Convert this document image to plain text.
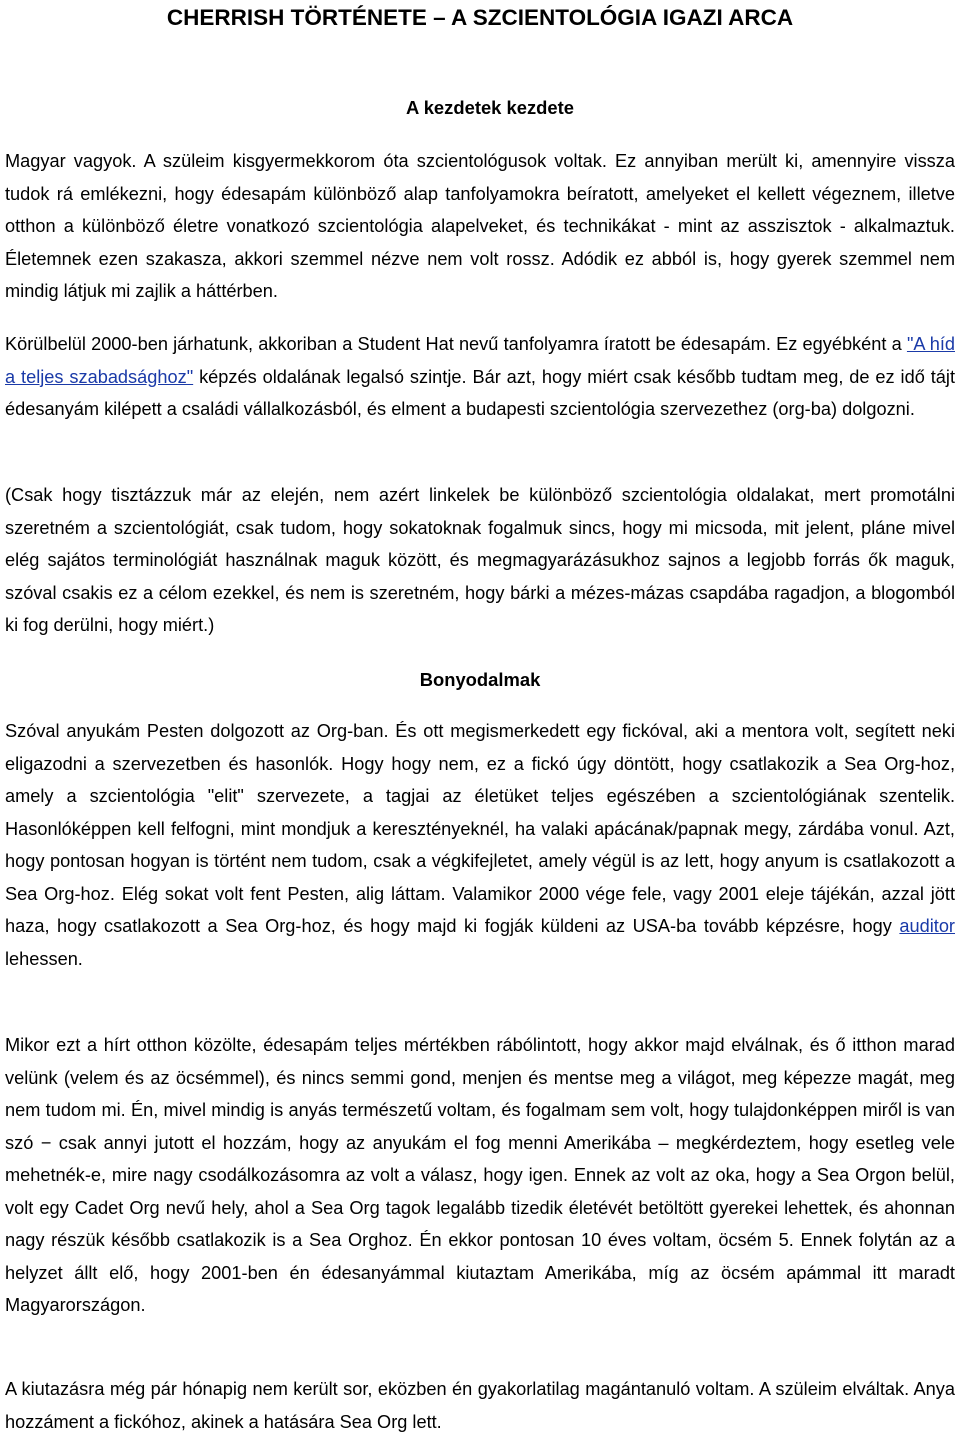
CHERRISH TÖRTÉNETE – A SZCIENTOLÓGIA IGAZI ARCA
A kezdetek kezdete

Magyar vagyok. A szüleim kisgyermekkorom óta szcientológusok voltak. Ez annyiban merült ki, amennyire vissza tudok rá emlékezni, hogy édesapám különböző alap tanfolyamokra beíratott, amelyeket el kellett végeznem, illetve otthon a különböző életre vonatkozó szcientológia alapelveket, és technikákat - mint az asszisztok - alkalmaztuk. Életemnek ezen szakasza, akkori szemmel nézve nem volt rossz. Adódik ez abból is, hogy gyerek szemmel nem mindig látjuk mi zajlik a háttérben.

Körülbelül 2000-ben járhatunk, akkoriban a Student Hat nevű tanfolyamra íratott be édesapám. Ez egyébként a "A híd a teljes szabadsághoz" képzés oldalának legalsó szintje. Bár azt, hogy miért csak később tudtam meg, de ez idő tájt édesanyám kilépett a családi vállalkozásból, és elment a budapesti szcientológia szervezethez (org-ba) dolgozni.

(Csak hogy tisztázzuk már az elején, nem azért linkelek be különböző szcientológia oldalakat, mert promotálni szeretném a szcientológiát, csak tudom, hogy sokatoknak fogalmuk sincs, hogy mi micsoda, mit jelent, pláne mivel elég sajátos terminológiát használnak maguk között, és megmagyarázásukhoz sajnos a legjobb forrás ők maguk, szóval csakis ez a célom ezekkel, és nem is szeretném, hogy bárki a mézes-mázas csapdába ragadjon, a blogomból ki fog derülni, hogy miért.)

Bonyodalmak

Szóval anyukám Pesten dolgozott az Org-ban. És ott megismerkedett egy fickóval, aki a mentora volt, segített neki eligazodni a szervezetben és hasonlók. Hogy hogy nem, ez a fickó úgy döntött, hogy csatlakozik a Sea Org-hoz, amely a szcientológia "elit" szervezete, a tagjai az életüket teljes egészében a szcientológiának szentelik. Hasonlóképpen kell felfogni, mint mondjuk a keresztényeknél, ha valaki apácának/papnak megy, zárdába vonul. Azt, hogy pontosan hogyan is történt nem tudom, csak a végkifejletet, amely végül is az lett, hogy anyum is csatlakozott a Sea Org-hoz. Elég sokat volt fent Pesten, alig láttam. Valamikor 2000 vége fele, vagy 2001 eleje tájékán, azzal jött haza, hogy csatlakozott a Sea Org-hoz, és hogy majd ki fogják küldeni az USA-ba tovább képzésre, hogy auditor lehessen.

Mikor ezt a hírt otthon közölte, édesapám teljes mértékben rábólintott, hogy akkor majd elválnak, és ő itthon marad velünk (velem és az öcsémmel), és nincs semmi gond, menjen és mentse meg a világot, meg képezze magát, meg nem tudom mi. Én, mivel mindig is anyás természetű voltam, és fogalmam sem volt, hogy tulajdonképpen miről is van szó − csak annyi jutott el hozzám, hogy az anyukám el fog menni Amerikába – megkérdeztem, hogy esetleg vele mehetnék-e, mire nagy csodálkozásomra az volt a válasz, hogy igen. Ennek az volt az oka, hogy a Sea Orgon belül, volt egy Cadet Org nevű hely, ahol a Sea Org tagok legalább tizedik életévét betöltött gyerekei lehettek, és ahonnan nagy részük később csatlakozik is a Sea Orghoz. Én ekkor pontosan 10 éves voltam, öcsém 5. Ennek folytán az a helyzet állt elő, hogy 2001-ben én édesanyámmal kiutaztam Amerikába, míg az öcsém apámmal itt maradt Magyarországon.

A kiutazásra még pár hónapig nem került sor, eközben én gyakorlatilag magántanuló voltam. A szüleim elváltak. Anya hozzáment a fickóhoz, akinek a hatására Sea Org lett.
